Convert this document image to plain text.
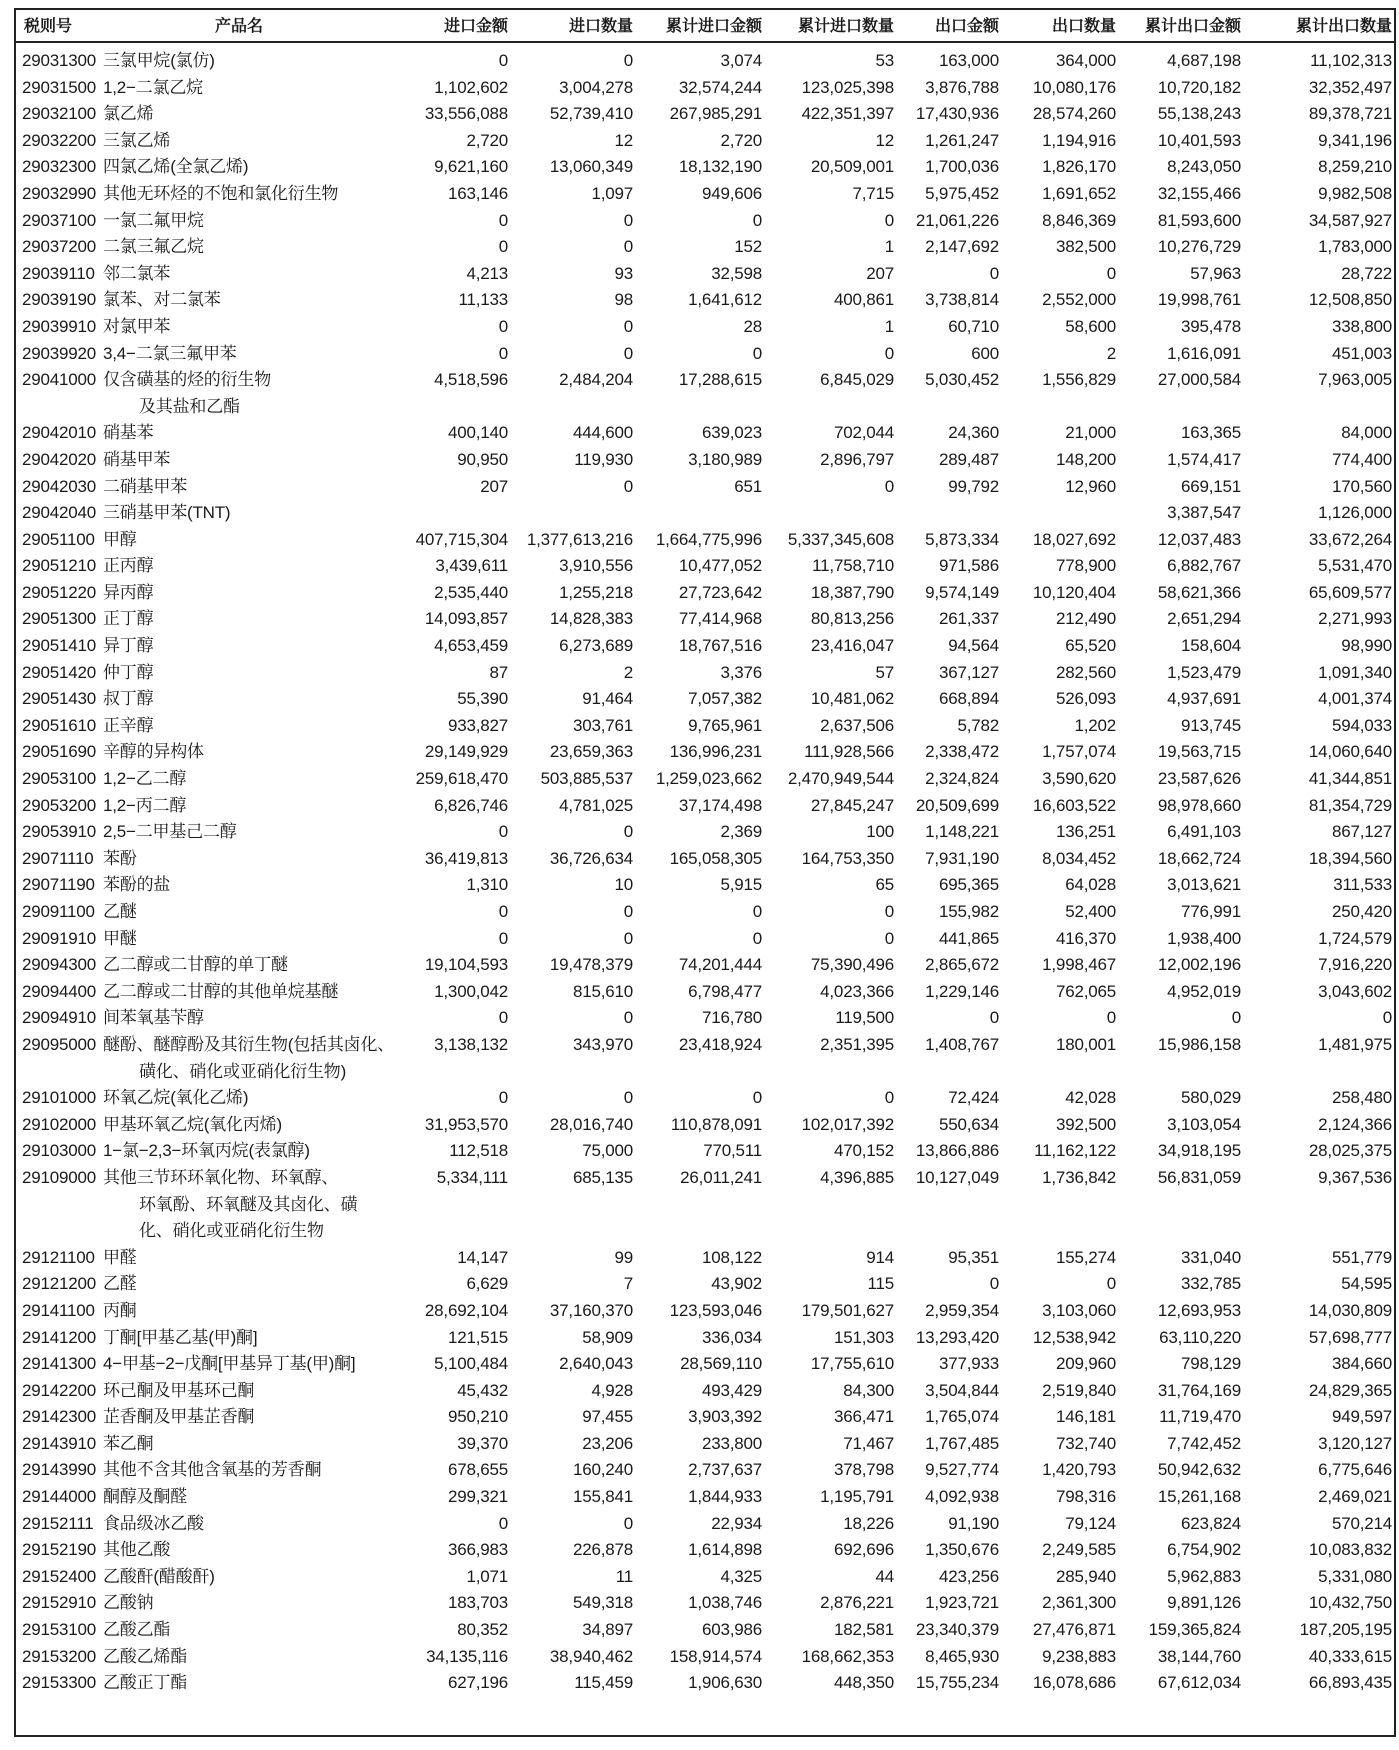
税则号	产品名	进口金额	进口数量	累计进口金额	累计进口数量	出口金额	出口数量	累计出口金额	累计出口数量
29031300	三氯甲烷(氯仿)	0	0	3,074	53	163,000	364,000	4,687,198	11,102,313
29031500	1,2−二氯乙烷	1,102,602	3,004,278	32,574,244	123,025,398	3,876,788	10,080,176	10,720,182	32,352,497
29032100	氯乙烯	33,556,088	52,739,410	267,985,291	422,351,397	17,430,936	28,574,260	55,138,243	89,378,721
29032200	三氯乙烯	2,720	12	2,720	12	1,261,247	1,194,916	10,401,593	9,341,196
29032300	四氯乙烯(全氯乙烯)	9,621,160	13,060,349	18,132,190	20,509,001	1,700,036	1,826,170	8,243,050	8,259,210
29032990	其他无环烃的不饱和氯化衍生物	163,146	1,097	949,606	7,715	5,975,452	1,691,652	32,155,466	9,982,508
29037100	一氯二氟甲烷	0	0	0	0	21,061,226	8,846,369	81,593,600	34,587,927
29037200	二氯三氟乙烷	0	0	152	1	2,147,692	382,500	10,276,729	1,783,000
29039110	邻二氯苯	4,213	93	32,598	207	0	0	57,963	28,722
29039190	氯苯、对二氯苯	11,133	98	1,641,612	400,861	3,738,814	2,552,000	19,998,761	12,508,850
29039910	对氯甲苯	0	0	28	1	60,710	58,600	395,478	338,800
29039920	3,4−二氯三氟甲苯	0	0	0	0	600	2	1,616,091	451,003
29041000	仅含磺基的烃的衍生物
及其盐和乙酯	4,518,596	2,484,204	17,288,615	6,845,029	5,030,452	1,556,829	27,000,584	7,963,005
29042010	硝基苯	400,140	444,600	639,023	702,044	24,360	21,000	163,365	84,000
29042020	硝基甲苯	90,950	119,930	3,180,989	2,896,797	289,487	148,200	1,574,417	774,400
29042030	二硝基甲苯	207	0	651	0	99,792	12,960	669,151	170,560
29042040	三硝基甲苯(TNT)							3,387,547	1,126,000
29051100	甲醇	407,715,304	1,377,613,216	1,664,775,996	5,337,345,608	5,873,334	18,027,692	12,037,483	33,672,264
29051210	正丙醇	3,439,611	3,910,556	10,477,052	11,758,710	971,586	778,900	6,882,767	5,531,470
29051220	异丙醇	2,535,440	1,255,218	27,723,642	18,387,790	9,574,149	10,120,404	58,621,366	65,609,577
29051300	正丁醇	14,093,857	14,828,383	77,414,968	80,813,256	261,337	212,490	2,651,294	2,271,993
29051410	异丁醇	4,653,459	6,273,689	18,767,516	23,416,047	94,564	65,520	158,604	98,990
29051420	仲丁醇	87	2	3,376	57	367,127	282,560	1,523,479	1,091,340
29051430	叔丁醇	55,390	91,464	7,057,382	10,481,062	668,894	526,093	4,937,691	4,001,374
29051610	正辛醇	933,827	303,761	9,765,961	2,637,506	5,782	1,202	913,745	594,033
29051690	辛醇的异构体	29,149,929	23,659,363	136,996,231	111,928,566	2,338,472	1,757,074	19,563,715	14,060,640
29053100	1,2−乙二醇	259,618,470	503,885,537	1,259,023,662	2,470,949,544	2,324,824	3,590,620	23,587,626	41,344,851
29053200	1,2−丙二醇	6,826,746	4,781,025	37,174,498	27,845,247	20,509,699	16,603,522	98,978,660	81,354,729
29053910	2,5−二甲基己二醇	0	0	2,369	100	1,148,221	136,251	6,491,103	867,127
29071110	苯酚	36,419,813	36,726,634	165,058,305	164,753,350	7,931,190	8,034,452	18,662,724	18,394,560
29071190	苯酚的盐	1,310	10	5,915	65	695,365	64,028	3,013,621	311,533
29091100	乙醚	0	0	0	0	155,982	52,400	776,991	250,420
29091910	甲醚	0	0	0	0	441,865	416,370	1,938,400	1,724,579
29094300	乙二醇或二甘醇的单丁醚	19,104,593	19,478,379	74,201,444	75,390,496	2,865,672	1,998,467	12,002,196	7,916,220
29094400	乙二醇或二甘醇的其他单烷基醚	1,300,042	815,610	6,798,477	4,023,366	1,229,146	762,065	4,952,019	3,043,602
29094910	间苯氧基苄醇	0	0	716,780	119,500	0	0	0	0
29095000	醚酚、醚醇酚及其衍生物(包括其卤化、
磺化、硝化或亚硝化衍生物)	3,138,132	343,970	23,418,924	2,351,395	1,408,767	180,001	15,986,158	1,481,975
29101000	环氧乙烷(氧化乙烯)	0	0	0	0	72,424	42,028	580,029	258,480
29102000	甲基环氧乙烷(氧化丙烯)	31,953,570	28,016,740	110,878,091	102,017,392	550,634	392,500	3,103,054	2,124,366
29103000	1−氯−2,3−环氧丙烷(表氯醇)	112,518	75,000	770,511	470,152	13,866,886	11,162,122	34,918,195	28,025,375
29109000	其他三节环环氧化物、环氧醇、
环氧酚、环氧醚及其卤化、磺
化、硝化或亚硝化衍生物	5,334,111	685,135	26,011,241	4,396,885	10,127,049	1,736,842	56,831,059	9,367,536
29121100	甲醛	14,147	99	108,122	914	95,351	155,274	331,040	551,779
29121200	乙醛	6,629	7	43,902	115	0	0	332,785	54,595
29141100	丙酮	28,692,104	37,160,370	123,593,046	179,501,627	2,959,354	3,103,060	12,693,953	14,030,809
29141200	丁酮[甲基乙基(甲)酮]	121,515	58,909	336,034	151,303	13,293,420	12,538,942	63,110,220	57,698,777
29141300	4−甲基−2−戊酮[甲基异丁基(甲)酮]	5,100,484	2,640,043	28,569,110	17,755,610	377,933	209,960	798,129	384,660
29142200	环己酮及甲基环己酮	45,432	4,928	493,429	84,300	3,504,844	2,519,840	31,764,169	24,829,365
29142300	芷香酮及甲基芷香酮	950,210	97,455	3,903,392	366,471	1,765,074	146,181	11,719,470	949,597
29143910	苯乙酮	39,370	23,206	233,800	71,467	1,767,485	732,740	7,742,452	3,120,127
29143990	其他不含其他含氧基的芳香酮	678,655	160,240	2,737,637	378,798	9,527,774	1,420,793	50,942,632	6,775,646
29144000	酮醇及酮醛	299,321	155,841	1,844,933	1,195,791	4,092,938	798,316	15,261,168	2,469,021
29152111	食品级冰乙酸	0	0	22,934	18,226	91,190	79,124	623,824	570,214
29152190	其他乙酸	366,983	226,878	1,614,898	692,696	1,350,676	2,249,585	6,754,902	10,083,832
29152400	乙酸酐(醋酸酐)	1,071	11	4,325	44	423,256	285,940	5,962,883	5,331,080
29152910	乙酸钠	183,703	549,318	1,038,746	2,876,221	1,923,721	2,361,300	9,891,126	10,432,750
29153100	乙酸乙酯	80,352	34,897	603,986	182,581	23,340,379	27,476,871	159,365,824	187,205,195
29153200	乙酸乙烯酯	34,135,116	38,940,462	158,914,574	168,662,353	8,465,930	9,238,883	38,144,760	40,333,615
29153300	乙酸正丁酯	627,196	115,459	1,906,630	448,350	15,755,234	16,078,686	67,612,034	66,893,435
